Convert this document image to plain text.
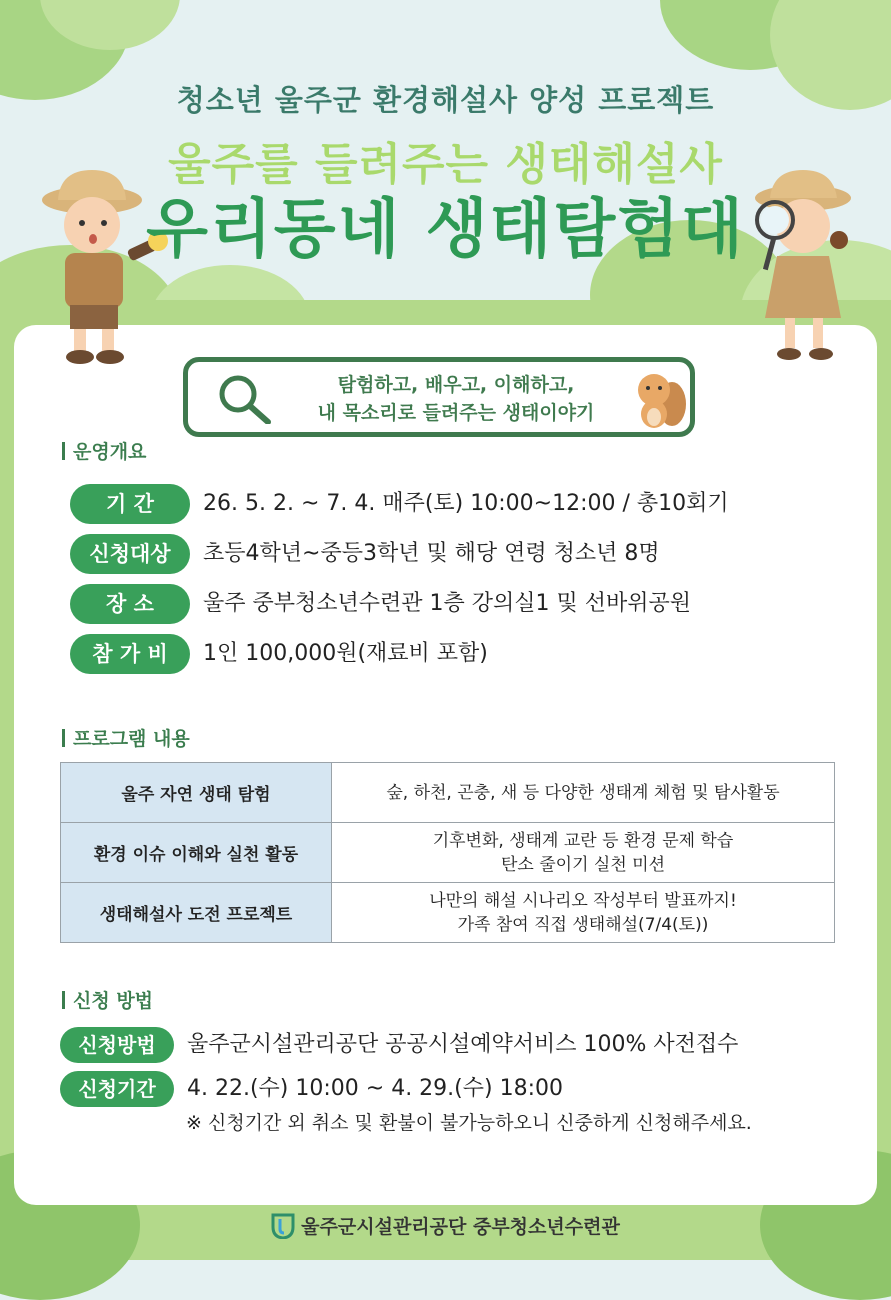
청소년 울주군 환경해설사 양성 프로젝트
울주를 들려주는 생태해설사
우리동네 생태탐험대
탐험하고, 배우고, 이해하고,
내 목소리로 들려주는 생태이야기
운영개요
기 간	26. 5. 2. ~ 7. 4. 매주(토) 10:00~12:00 / 총10회기
신청대상	초등4학년~중등3학년 및 해당 연령 청소년 8명
장 소	울주 중부청소년수련관 1층 강의실1 및 선바위공원
참 가 비	1인 100,000원(재료비 포함)
프로그램 내용
울주 자연 생태 탐험	숲, 하천, 곤충, 새 등 다양한 생태계 체험 및 탐사활동

환경 이슈 이해와 실천 활동	기후변화, 생태계 교란 등 환경 문제 학습
탄소 줄이기 실천 미션

생태해설사 도전 프로젝트	나만의 해설 시나리오 작성부터 발표까지!
가족 참여 직접 생태해설(7/4(토))
신청 방법
신청방법	울주군시설관리공단 공공시설예약서비스 100% 사전접수
신청기간	4. 22.(수) 10:00 ~ 4. 29.(수) 18:00
※ 신청기간 외 취소 및 환불이 불가능하오니 신중하게 신청해주세요.
울주군시설관리공단 중부청소년수련관
